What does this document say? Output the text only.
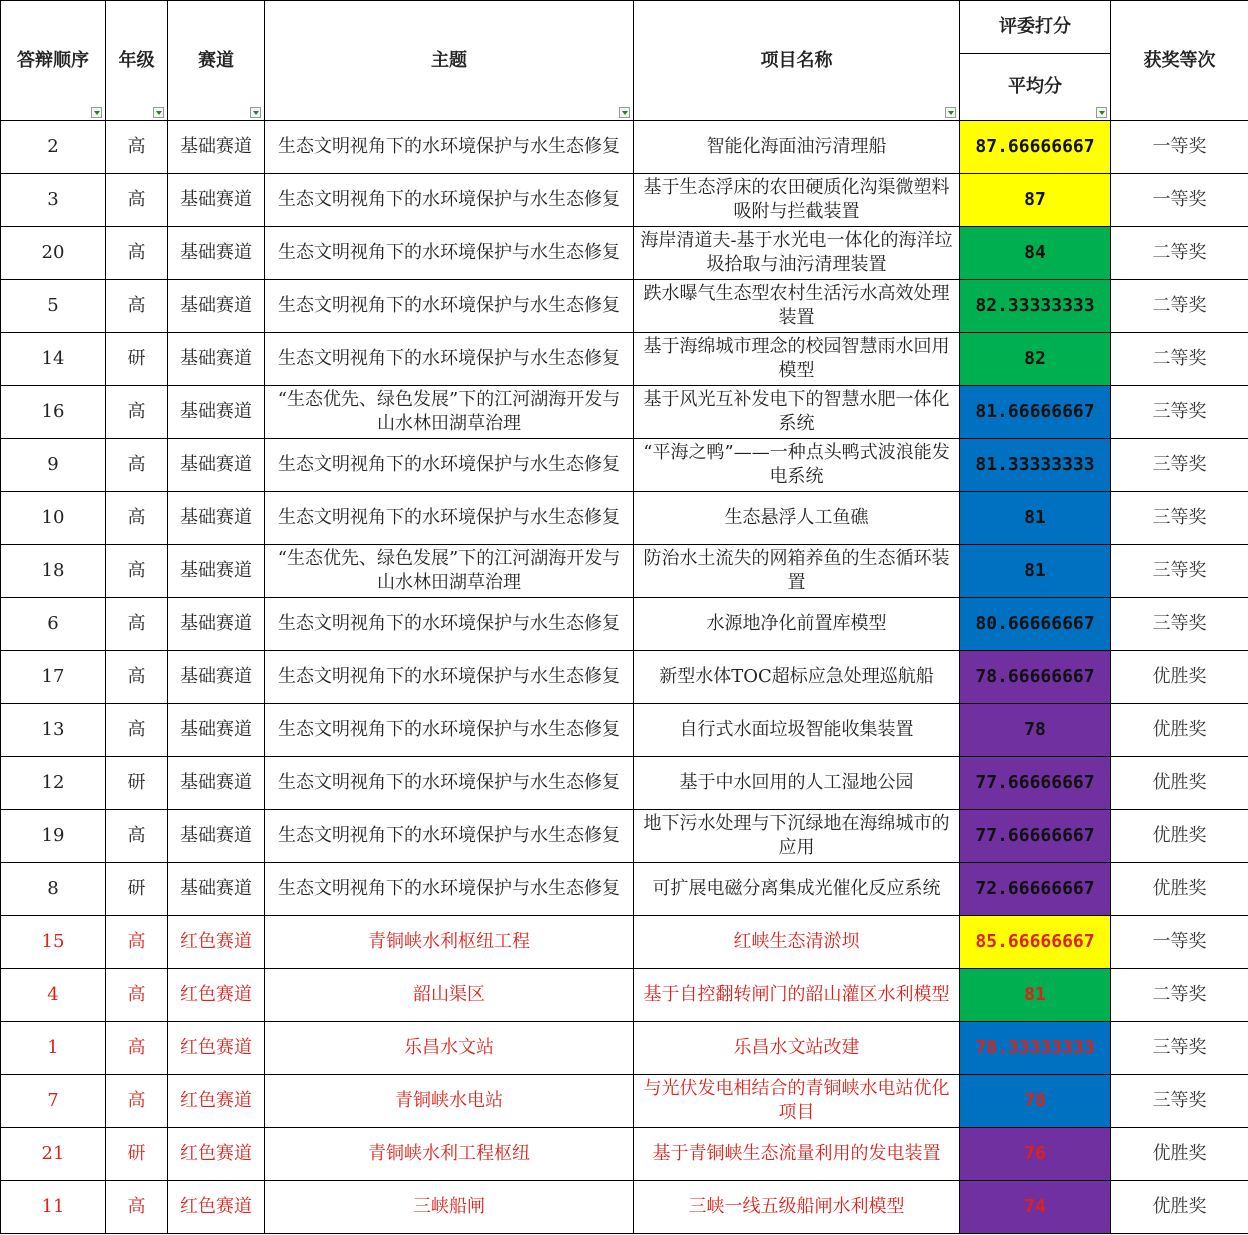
答辩顺序	年级	赛道	主题	项目名称	评委打分	获奖等次
					平均分	

2	高	基础赛道	生态文明视角下的水环境保护与水生态修复	智能化海面油污清理船	87.66666667	一等奖
3	高	基础赛道	生态文明视角下的水环境保护与水生态修复	基于生态浮床的农田硬质化沟渠微塑料吸附与拦截装置	87	一等奖
20	高	基础赛道	生态文明视角下的水环境保护与水生态修复	海岸清道夫-基于水光电一体化的海洋垃圾拾取与油污清理装置	84	二等奖
5	高	基础赛道	生态文明视角下的水环境保护与水生态修复	跌水曝气生态型农村生活污水高效处理装置	82.33333333	二等奖
14	研	基础赛道	生态文明视角下的水环境保护与水生态修复	基于海绵城市理念的校园智慧雨水回用模型	82	二等奖
16	高	基础赛道	“生态优先、绿色发展”下的江河湖海开发与山水林田湖草治理	基于风光互补发电下的智慧水肥一体化系统	81.66666667	三等奖
9	高	基础赛道	生态文明视角下的水环境保护与水生态修复	“平海之鸭”——一种点头鸭式波浪能发电系统	81.33333333	三等奖
10	高	基础赛道	生态文明视角下的水环境保护与水生态修复	生态悬浮人工鱼礁	81	三等奖
18	高	基础赛道	“生态优先、绿色发展”下的江河湖海开发与山水林田湖草治理	防治水土流失的网箱养鱼的生态循环装置	81	三等奖
6	高	基础赛道	生态文明视角下的水环境保护与水生态修复	水源地净化前置库模型	80.66666667	三等奖
17	高	基础赛道	生态文明视角下的水环境保护与水生态修复	新型水体TOC超标应急处理巡航船	78.66666667	优胜奖
13	高	基础赛道	生态文明视角下的水环境保护与水生态修复	自行式水面垃圾智能收集装置	78	优胜奖
12	研	基础赛道	生态文明视角下的水环境保护与水生态修复	基于中水回用的人工湿地公园	77.66666667	优胜奖
19	高	基础赛道	生态文明视角下的水环境保护与水生态修复	地下污水处理与下沉绿地在海绵城市的应用	77.66666667	优胜奖
8	研	基础赛道	生态文明视角下的水环境保护与水生态修复	可扩展电磁分离集成光催化反应系统	72.66666667	优胜奖
15	高	红色赛道	青铜峡水利枢纽工程	红峡生态清淤坝	85.66666667	一等奖
4	高	红色赛道	韶山渠区	基于自控翻转闸门的韶山灌区水利模型	81	二等奖
1	高	红色赛道	乐昌水文站	乐昌水文站改建	78.33333333	三等奖
7	高	红色赛道	青铜峡水电站	与光伏发电相结合的青铜峡水电站优化项目	78	三等奖
21	研	红色赛道	青铜峡水利工程枢纽	基于青铜峡生态流量利用的发电装置	76	优胜奖
11	高	红色赛道	三峡船闸	三峡一线五级船闸水利模型	74	优胜奖
